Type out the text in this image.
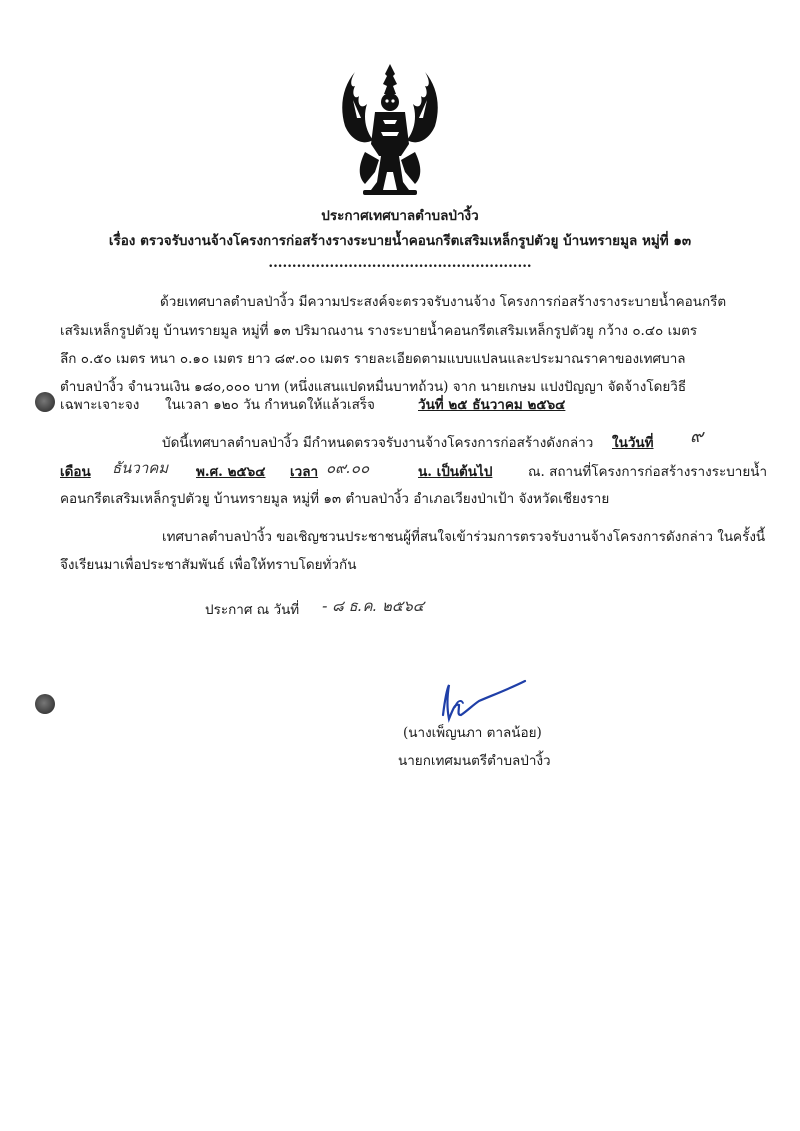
ประกาศเทศบาลตำบลป่างิ้ว
เรื่อง ตรวจรับงานจ้างโครงการก่อสร้างรางระบายน้ำคอนกรีตเสริมเหล็กรูปตัวยู บ้านทรายมูล หมู่ที่ ๑๓
........................................................
ด้วยเทศบาลตำบลป่างิ้ว มีความประสงค์จะตรวจรับงานจ้าง โครงการก่อสร้างรางระบายน้ำคอนกรีต
เสริมเหล็กรูปตัวยู บ้านทรายมูล หมู่ที่ ๑๓ ปริมาณงาน รางระบายน้ำคอนกรีตเสริมเหล็กรูปตัวยู กว้าง ๐.๔๐ เมตร
ลึก ๐.๕๐ เมตร หนา ๐.๑๐ เมตร ยาว ๘๙.๐๐ เมตร รายละเอียดตามแบบแปลนและประมาณราคาของเทศบาล
ตำบลป่างิ้ว จำนวนเงิน ๑๘๐,๐๐๐ บาท (หนึ่งแสนแปดหมื่นบาทถ้วน) จาก นายเกษม แปงปัญญา จัดจ้างโดยวิธี
เฉพาะเจาะจง ในเวลา ๑๒๐ วัน กำหนดให้แล้วเสร็จ	วันที่ ๒๕ ธันวาคม ๒๕๖๔
บัดนี้เทศบาลตำบลป่างิ้ว มีกำหนดตรวจรับงานจ้างโครงการก่อสร้างดังกล่าว ในวันที่ ๙
เดือน ธันวาคม พ.ศ. ๒๕๖๔ เวลา ๐๙.๐๐	น. เป็นต้นไป	ณ. สถานที่โครงการก่อสร้างรางระบายน้ำ
คอนกรีตเสริมเหล็กรูปตัวยู บ้านทรายมูล หมู่ที่ ๑๓ ตำบลป่างิ้ว อำเภอเวียงป่าเป้า จังหวัดเชียงราย
เทศบาลตำบลป่างิ้ว ขอเชิญชวนประชาชนผู้ที่สนใจเข้าร่วมการตรวจรับงานจ้างโครงการดังกล่าว ในครั้งนี้
จึงเรียนมาเพื่อประชาสัมพันธ์ เพื่อให้ทราบโดยทั่วกัน
ประกาศ ณ วันที่ - ๘ ธ.ค. ๒๕๖๔
(นางเพ็ญนภา ตาลน้อย)
นายกเทศมนตรีตำบลป่างิ้ว
